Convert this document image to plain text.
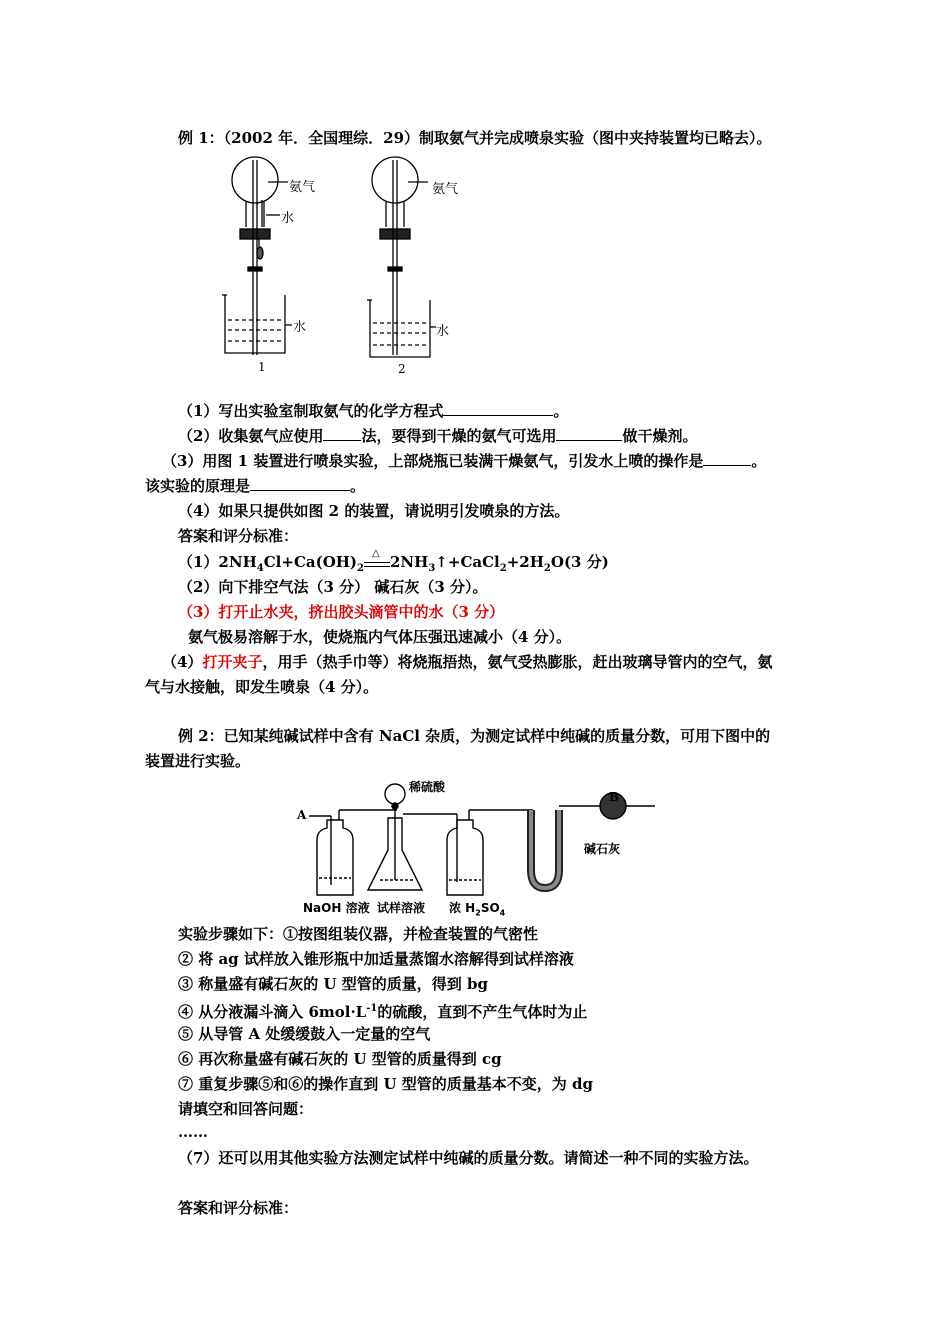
例 1：（2002 年．全国理综．29）制取氨气并完成喷泉实验（图中夹持装置均已略去）。
氨气
水
水
1
氨气
水
2
（1）写出实验室制取氨气的化学方程式	。
（2）收集氨气应使用	法，要得到干燥的氨气可选用	做干燥剂。
（3）用图 1 装置进行喷泉实验，上部烧瓶已装满干燥氨气，引发水上喷的操作是	。
该实验的原理是	。
（4）如果只提供如图 2 的装置，请说明引发喷泉的方法。
答案和评分标准：
$(1)2NH_4Cl+Ca(OH)_2$
△ $2NH_3↑+CaCl_2+2H_2O(3$ 分)
（2）向下排空气法（3 分） 碱石灰（3 分）。
（3）打开止水夹，挤出胶头滴管中的水（3 分）
氨气极易溶解于水，使烧瓶内气体压强迅速减小（4 分）。
（4）打开夹子，用手（热手巾等）将烧瓶捂热，氨气受热膨胀，赶出玻璃导管内的空气，氨
气与水接触，即发生喷泉（4 分）。
例 2：已知某纯碱试样中含有 NaCl 杂质，为测定试样中纯碱的质量分数，可用下图中的
装置进行实验。
稀硫酸
A
B
碱石灰
NaOH 溶液 试样溶液 浓 $H_2SO_4$
实验步骤如下：①按图组装仪器，并检查装置的气密性
② 将 ag 试样放入锥形瓶中加适量蒸馏水溶解得到试样溶液
③ 称量盛有碱石灰的 U 型管的质量，得到 bg
④ 从分液漏斗滴入 $6mol\cdot L^{-1}$的硫酸，直到不产生气体时为止
⑤ 从导管 A 处缓缓鼓入一定量的空气
⑥ 再次称量盛有碱石灰的 U 型管的质量得到 cg
⑦ 重复步骤⑤和⑥的操作直到 U 型管的质量基本不变，为 dg
请填空和回答问题：
……
（7）还可以用其他实验方法测定试样中纯碱的质量分数。请简述一种不同的实验方法。
答案和评分标准：
